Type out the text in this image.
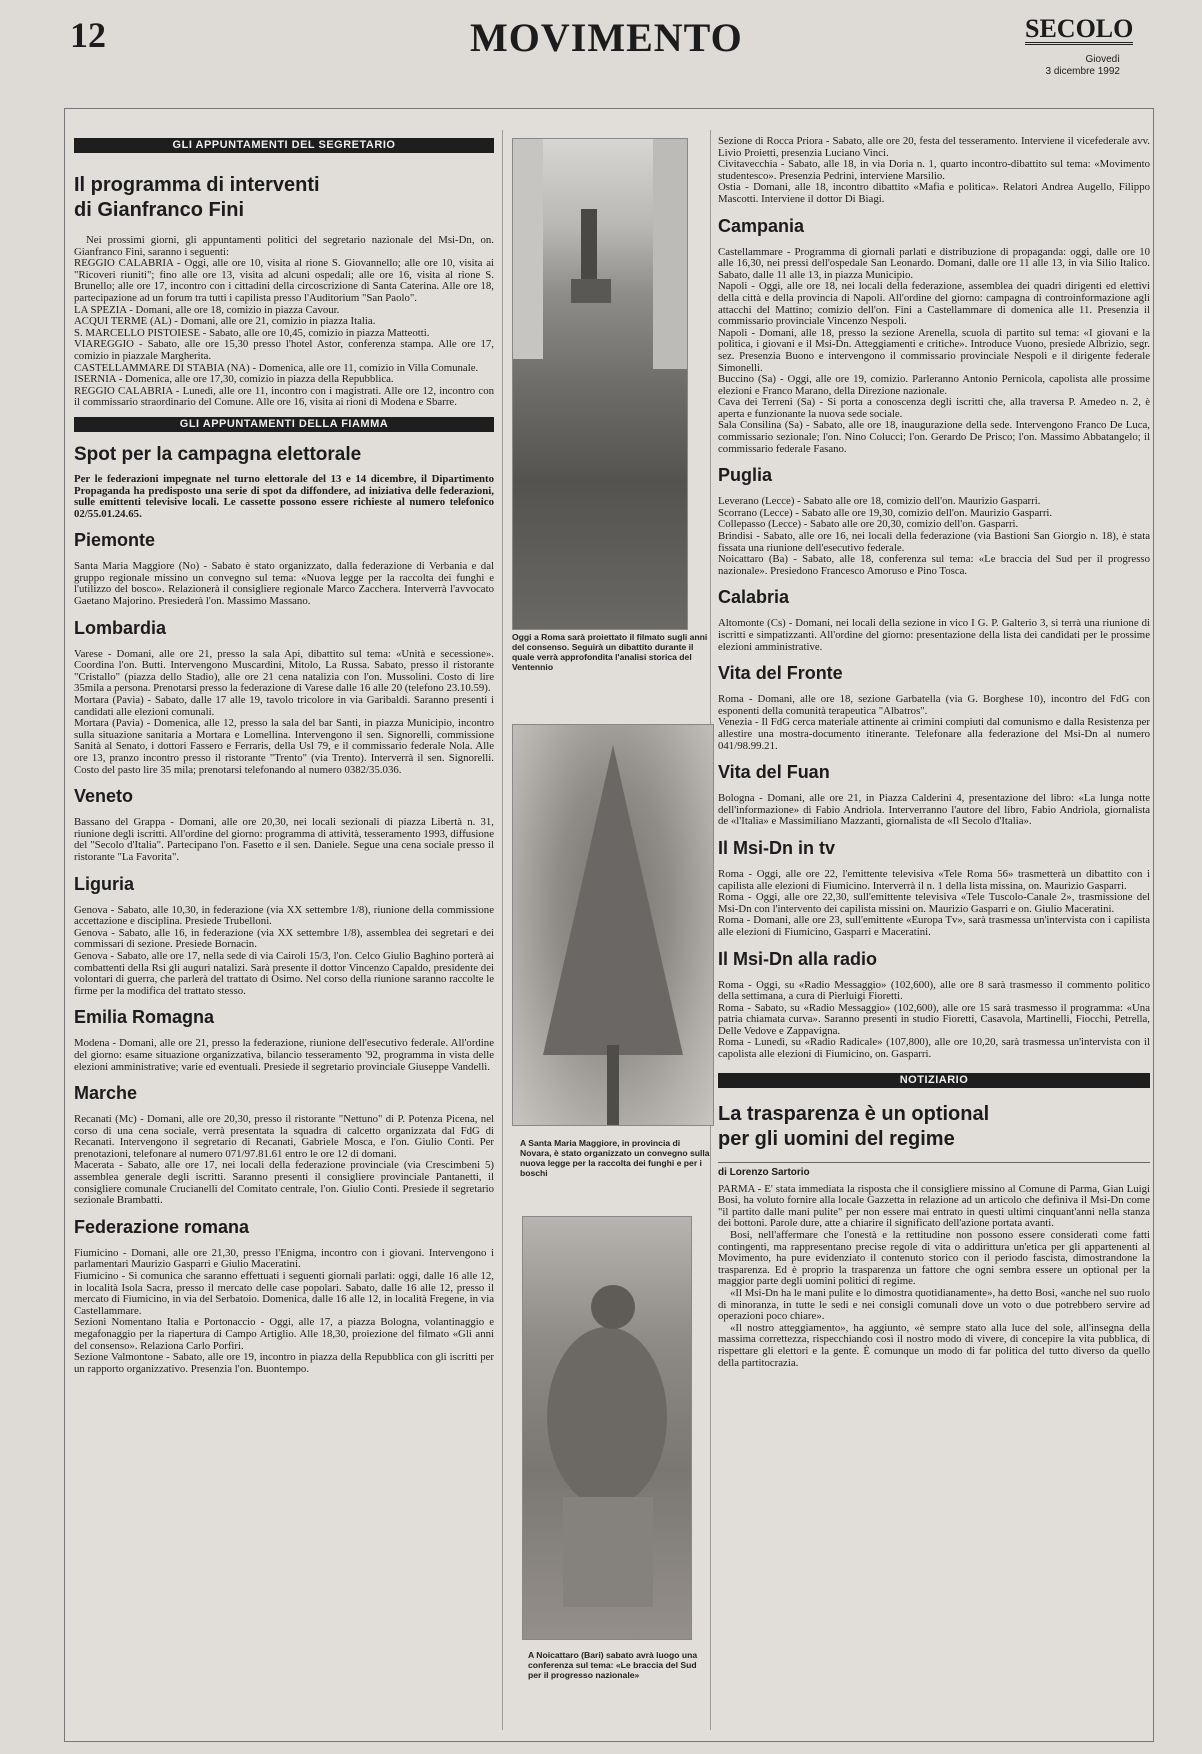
12	MOVIMENTO	SECOLO
Giovedì
3 dicembre 1992
GLI APPUNTAMENTI DEL SEGRETARIO
Il programma di interventi
di Gianfranco Fini

Nei prossimi giorni, gli appuntamenti politici del segretario nazionale del Msi-Dn, on. Gianfranco Fini, saranno i seguenti:

REGGIO CALABRIA - Oggi, alle ore 10, visita al rione S. Giovannello; alle ore 10, visita ai "Ricoveri riuniti"; fino alle ore 13, visita ad alcuni ospedali; alle ore 16, visita al rione S. Brunello; alle ore 17, incontro con i cittadini della circoscrizione di Santa Caterina. Alle ore 18, partecipazione ad un forum tra tutti i capilista presso l'Auditorium "San Paolo".

LA SPEZIA - Domani, alle ore 18, comizio in piazza Cavour.

ACQUI TERME (AL) - Domani, alle ore 21, comizio in piazza Italia.

S. MARCELLO PISTOIESE - Sabato, alle ore 10,45, comizio in piazza Matteotti.

VIAREGGIO - Sabato, alle ore 15,30 presso l'hotel Astor, conferenza stampa. Alle ore 17, comizio in piazzale Margherita.

CASTELLAMMARE DI STABIA (NA) - Domenica, alle ore 11, comizio in Villa Comunale.

ISERNIA - Domenica, alle ore 17,30, comizio in piazza della Repubblica.

REGGIO CALABRIA - Lunedì, alle ore 11, incontro con i magistrati. Alle ore 12, incontro con il commissario straordinario del Comune. Alle ore 16, visita ai rioni di Modena e Sbarre.

GLI APPUNTAMENTI DELLA FIAMMA
Spot per la campagna elettorale

Per le federazioni impegnate nel turno elettorale del 13 e 14 dicembre, il Dipartimento Propaganda ha predisposto una serie di spot da diffondere, ad iniziativa delle federazioni, sulle emittenti televisive locali. Le cassette possono essere richieste al numero telefonico 02/55.01.24.65.

Piemonte

Santa Maria Maggiore (No) - Sabato è stato organizzato, dalla federazione di Verbania e dal gruppo regionale missino un convegno sul tema: «Nuova legge per la raccolta dei funghi e l'utilizzo del bosco». Relazionerà il consigliere regionale Marco Zacchera. Interverrà l'avvocato Gaetano Majorino. Presiederà l'on. Massimo Massano.

Lombardia

Varese - Domani, alle ore 21, presso la sala Api, dibattito sul tema: «Unità e secessione». Coordina l'on. Butti. Intervengono Muscardini, Mitolo, La Russa. Sabato, presso il ristorante "Cristallo" (piazza dello Stadio), alle ore 21 cena natalizia con l'on. Mussolini. Costo di lire 35mila a persona. Prenotarsi presso la federazione di Varese dalle 16 alle 20 (telefono 23.10.59).

Mortara (Pavia) - Sabato, dalle 17 alle 19, tavolo tricolore in via Garibaldi. Saranno presenti i candidati alle elezioni comunali.

Mortara (Pavia) - Domenica, alle 12, presso la sala del bar Santi, in piazza Municipio, incontro sulla situazione sanitaria a Mortara e Lomellina. Intervengono il sen. Signorelli, commissione Sanità al Senato, i dottori Fassero e Ferraris, della Usl 79, e il commissario federale Nola. Alle ore 13, pranzo incontro presso il ristorante "Trento" (via Trento). Interverrà il sen. Signorelli. Costo del pasto lire 35 mila; prenotarsi telefonando al numero 0382/35.036.

Veneto

Bassano del Grappa - Domani, alle ore 20,30, nei locali sezionali di piazza Libertà n. 31, riunione degli iscritti. All'ordine del giorno: programma di attività, tesseramento 1993, diffusione del "Secolo d'Italia". Partecipano l'on. Fasetto e il sen. Daniele. Segue una cena sociale presso il ristorante "La Favorita".

Liguria

Genova - Sabato, alle 10,30, in federazione (via XX settembre 1/8), riunione della commissione accettazione e disciplina. Presiede Trubelloni.

Genova - Sabato, alle 16, in federazione (via XX settembre 1/8), assemblea dei segretari e dei commissari di sezione. Presiede Bornacin.

Genova - Sabato, alle ore 17, nella sede di via Cairoli 15/3, l'on. Celco Giulio Baghino porterà ai combattenti della Rsi gli auguri natalizi. Sarà presente il dottor Vincenzo Capaldo, presidente dei volontari di guerra, che parlerà del trattato di Osimo. Nel corso della riunione saranno raccolte le firme per la modifica del trattato stesso.

Emilia Romagna

Modena - Domani, alle ore 21, presso la federazione, riunione dell'esecutivo federale. All'ordine del giorno: esame situazione organizzativa, bilancio tesseramento '92, programma in vista delle elezioni amministrative; varie ed eventuali. Presiede il segretario provinciale Giuseppe Vandelli.

Marche

Recanati (Mc) - Domani, alle ore 20,30, presso il ristorante "Nettuno" di P. Potenza Picena, nel corso di una cena sociale, verrà presentata la squadra di calcetto organizzata dal FdG di Recanati. Intervengono il segretario di Recanati, Gabriele Mosca, e l'on. Giulio Conti. Per prenotazioni, telefonare al numero 071/97.81.61 entro le ore 12 di domani.

Macerata - Sabato, alle ore 17, nei locali della federazione provinciale (via Crescimbeni 5) assemblea generale degli iscritti. Saranno presenti il consigliere provinciale Pantanetti, il consigliere comunale Crucianelli del Comitato centrale, l'on. Giulio Conti. Presiede il segretario sezionale Brambatti.

Federazione romana

Fiumicino - Domani, alle ore 21,30, presso l'Enigma, incontro con i giovani. Intervengono i parlamentari Maurizio Gasparri e Giulio Maceratini.

Fiumicino - Si comunica che saranno effettuati i seguenti giornali parlati: oggi, dalle 16 alle 12, in località Isola Sacra, presso il mercato delle case popolari. Sabato, dalle 16 alle 12, presso il mercato di Fiumicino, in via del Serbatoio. Domenica, dalle 16 alle 12, in località Fregene, in via Castellammare.

Sezioni Nomentano Italia e Portonaccio - Oggi, alle 17, a piazza Bologna, volantinaggio e megafonaggio per la riapertura di Campo Artiglio. Alle 18,30, proiezione del filmato «Gli anni del consenso». Relaziona Carlo Porfiri.

Sezione Valmontone - Sabato, alle ore 19, incontro in piazza della Repubblica con gli iscritti per un rapporto organizzativo. Presenzia l'on. Buontempo.

Oggi a Roma sarà proiettato il filmato sugli anni del consenso. Seguirà un dibattito durante il quale verrà approfondita l'analisi storica del Ventennio
A Santa Maria Maggiore, in provincia di Novara, è stato organizzato un convegno sulla nuova legge per la raccolta dei funghi e per i boschi
A Noicattaro (Bari) sabato avrà luogo una conferenza sul tema: «Le braccia del Sud per il progresso nazionale»

Sezione di Rocca Priora - Sabato, alle ore 20, festa del tesseramento. Interviene il vicefederale avv. Livio Proietti, presenzia Luciano Vinci.

Civitavecchia - Sabato, alle 18, in via Doria n. 1, quarto incontro-dibattito sul tema: «Movimento studentesco». Presenzia Pedrini, interviene Marsilio.

Ostia - Domani, alle 18, incontro dibattito «Mafia e politica». Relatori Andrea Augello, Filippo Mascotti. Interviene il dottor Di Biagi.

Campania

Castellammare - Programma di giornali parlati e distribuzione di propaganda: oggi, dalle ore 10 alle 16,30, nei pressi dell'ospedale San Leonardo. Domani, dalle ore 11 alle 13, in via Silio Italico. Sabato, dalle 11 alle 13, in piazza Municipio.

Napoli - Oggi, alle ore 18, nei locali della federazione, assemblea dei quadri dirigenti ed elettivi della città e della provincia di Napoli. All'ordine del giorno: campagna di controinformazione agli attacchi del Mattino; comizio dell'on. Fini a Castellammare di domenica alle 11. Presenzia il commissario provinciale Vincenzo Nespoli.

Napoli - Domani, alle 18, presso la sezione Arenella, scuola di partito sul tema: «I giovani e la politica, i giovani e il Msi-Dn. Atteggiamenti e critiche». Introduce Vuono, presiede Albrizio, segr. sez. Presenzia Buono e intervengono il commissario provinciale Nespoli e il dirigente federale Simonelli.

Buccino (Sa) - Oggi, alle ore 19, comizio. Parleranno Antonio Pernicola, capolista alle prossime elezioni e Franco Marano, della Direzione nazionale.

Cava dei Terreni (Sa) - Si porta a conoscenza degli iscritti che, alla traversa P. Amedeo n. 2, è aperta e funzionante la nuova sede sociale.

Sala Consilina (Sa) - Sabato, alle ore 18, inaugurazione della sede. Intervengono Franco De Luca, commissario sezionale; l'on. Nino Colucci; l'on. Gerardo De Prisco; l'on. Massimo Abbatangelo; il commissario federale Fasano.

Puglia

Leverano (Lecce) - Sabato alle ore 18, comizio dell'on. Maurizio Gasparri.

Scorrano (Lecce) - Sabato alle ore 19,30, comizio dell'on. Maurizio Gasparri.

Collepasso (Lecce) - Sabato alle ore 20,30, comizio dell'on. Gasparri.

Brindisi - Sabato, alle ore 16, nei locali della federazione (via Bastioni San Giorgio n. 18), è stata fissata una riunione dell'esecutivo federale.

Noicattaro (Ba) - Sabato, alle 18, conferenza sul tema: «Le braccia del Sud per il progresso nazionale». Presiedono Francesco Amoruso e Pino Tosca.

Calabria

Altomonte (Cs) - Domani, nei locali della sezione in vico I G. P. Galterio 3, si terrà una riunione di iscritti e simpatizzanti. All'ordine del giorno: presentazione della lista dei candidati per le prossime elezioni amministrative.

Vita del Fronte

Roma - Domani, alle ore 18, sezione Garbatella (via G. Borghese 10), incontro del FdG con esponenti della comunità terapeutica "Albatros".

Venezia - Il FdG cerca materiale attinente ai crimini compiuti dal comunismo e dalla Resistenza per allestire una mostra-documento itinerante. Telefonare alla federazione del Msi-Dn al numero 041/98.99.21.

Vita del Fuan

Bologna - Domani, alle ore 21, in Piazza Calderini 4, presentazione del libro: «La lunga notte dell'informazione» di Fabio Andriola. Interverranno l'autore del libro, Fabio Andriola, giornalista de «l'Italia» e Massimiliano Mazzanti, giornalista de «Il Secolo d'Italia».

Il Msi-Dn in tv

Roma - Oggi, alle ore 22, l'emittente televisiva «Tele Roma 56» trasmetterà un dibattito con i capilista alle elezioni di Fiumicino. Interverrà il n. 1 della lista missina, on. Maurizio Gasparri.

Roma - Oggi, alle ore 22,30, sull'emittente televisiva «Tele Tuscolo-Canale 2», trasmissione del Msi-Dn con l'intervento dei capilista missini on. Maurizio Gasparri e on. Giulio Maceratini.

Roma - Domani, alle ore 23, sull'emittente «Europa Tv», sarà trasmessa un'intervista con i capilista alle elezioni di Fiumicino, Gasparri e Maceratini.

Il Msi-Dn alla radio

Roma - Oggi, su «Radio Messaggio» (102,600), alle ore 8 sarà trasmesso il commento politico della settimana, a cura di Pierluigi Fioretti.

Roma - Sabato, su «Radio Messaggio» (102,600), alle ore 15 sarà trasmesso il programma: «Una patria chiamata curva». Saranno presenti in studio Fioretti, Casavola, Martinelli, Fiocchi, Petrella, Delle Vedove e Zappavigna.

Roma - Lunedì, su «Radio Radicale» (107,800), alle ore 10,20, sarà trasmessa un'intervista con il capolista alle elezioni di Fiumicino, on. Gasparri.

NOTIZIARIO
La trasparenza è un optional
per gli uomini del regime
di Lorenzo Sartorio

PARMA - E' stata immediata la risposta che il consigliere missino al Comune di Parma, Gian Luigi Bosi, ha voluto fornire alla locale Gazzetta in relazione ad un articolo che definiva il Msi-Dn come "il partito dalle mani pulite" per non essere mai entrato in questi ultimi cinquant'anni nella stanza dei bottoni. Parole dure, atte a chiarire il significato dell'azione portata avanti.

Bosi, nell'affermare che l'onestà e la rettitudine non possono essere considerati come fatti contingenti, ma rappresentano precise regole di vita o addirittura un'etica per gli appartenenti al Movimento, ha pure evidenziato il contenuto storico con il periodo fascista, dimostrandone la trasparenza. Ed è proprio la trasparenza un fattore che ogni sembra essere un optional per la maggior parte degli uomini politici di regime.

«Il Msi-Dn ha le mani pulite e lo dimostra quotidianamente», ha detto Bosi, «anche nel suo ruolo di minoranza, in tutte le sedi e nei consigli comunali dove un voto o due potrebbero servire ad operazioni poco chiare».

«Il nostro atteggiamento», ha aggiunto, «è sempre stato alla luce del sole, all'insegna della massima correttezza, rispecchiando così il nostro modo di vivere, di concepire la vita pubblica, di rispettare gli elettori e la gente. È comunque un modo di far politica del tutto diverso da quello della partitocrazia.
